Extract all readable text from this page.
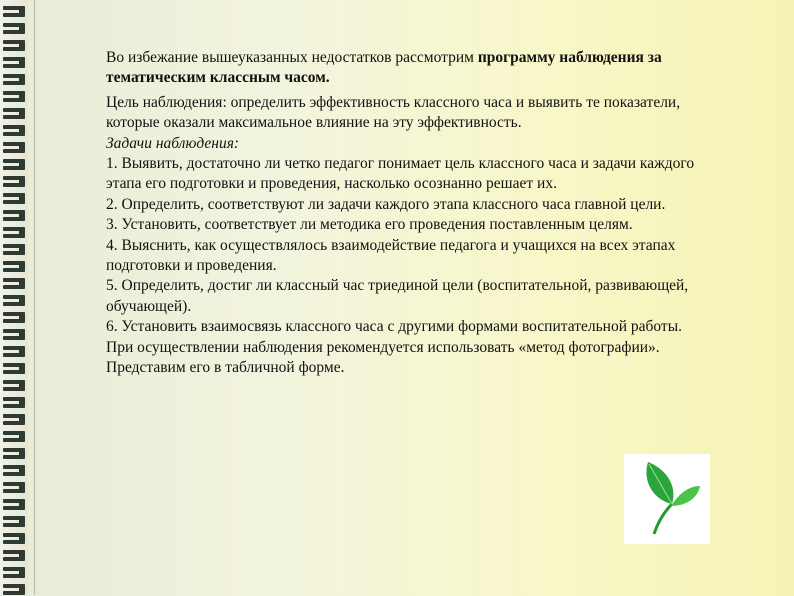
Во избежание вышеуказанных недостатков рассмотрим программу наблюдения за тематическим классным часом.

Цель наблюдения: определить эффективность классного часа и выявить те показатели, которые оказали максимальное влияние на эту эффективность.

Задачи наблюдения:

1. Выявить, достаточно ли четко педагог понимает цель классного часа и задачи каждого этапа его подготовки и проведения, насколько осознанно решает их.

2. Определить, соответствуют ли задачи каждого этапа классного часа главной цели.

3. Установить, соответствует ли методика его проведения поставленным целям.

4. Выяснить, как осуществлялось взаимодействие педагога и учащихся на всех этапах подготовки и проведения.

5. Определить, достиг ли классный час триединой цели (воспитательной, развивающей, обучающей).

6. Установить взаимосвязь классного часа с другими формами воспитательной работы.

При осуществлении наблюдения рекомендуется использовать «метод фотографии». Представим его в табличной форме.
